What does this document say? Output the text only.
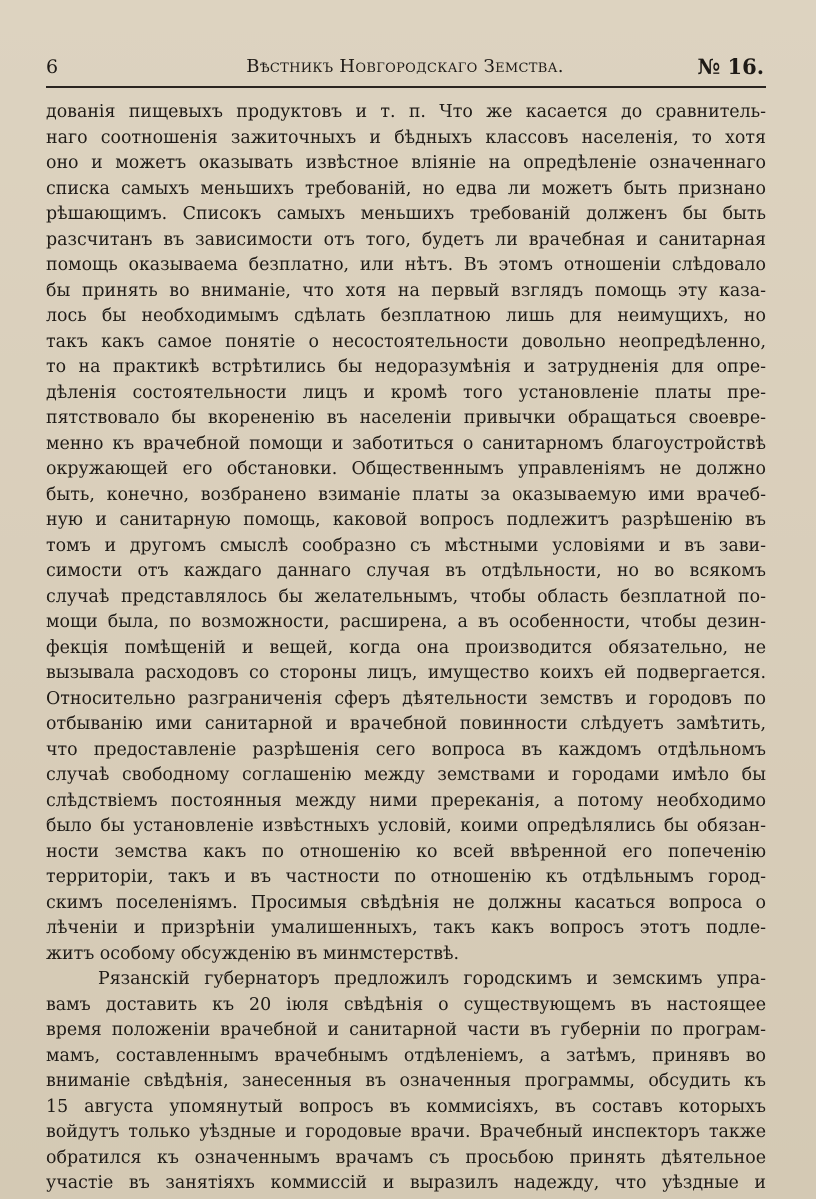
6	Вѣстникъ Новгородскаго Земства.	№ 16.
дованія пищевыхъ продуктовъ и т. п. Что же касается до сравнитель-
наго соотношенія зажиточныхъ и бѣдныхъ классовъ населенія, то хотя
оно и можетъ оказывать извѣстное вліяніе на опредѣленіе означеннаго
списка самыхъ меньшихъ требованій, но едва ли можетъ быть признано
рѣшающимъ. Списокъ самыхъ меньшихъ требованій долженъ бы быть
разсчитанъ въ зависимости отъ того, будетъ ли врачебная и санитарная
помощь оказываема безплатно, или нѣтъ. Въ этомъ отношеніи слѣдовало
бы принять во вниманіе, что хотя на первый взглядъ помощь эту каза-
лось бы необходимымъ сдѣлать безплатною лишь для неимущихъ, но
такъ какъ самое понятіе о несостоятельности довольно неопредѣленно,
то на практикѣ встрѣтились бы недоразумѣнія и затрудненія для опре-
дѣленія состоятельности лицъ и кромѣ того установленіе платы пре-
пятствовало бы вкорененію въ населеніи привычки обращаться своевре-
менно къ врачебной помощи и заботиться о санитарномъ благоустройствѣ
окружающей его обстановки. Общественнымъ управленіямъ не должно
быть, конечно, возбранено взиманіе платы за оказываемую ими врачеб-
ную и санитарную помощь, каковой вопросъ подлежитъ разрѣшенію въ
томъ и другомъ смыслѣ сообразно съ мѣстными условіями и въ зави-
симости отъ каждаго даннаго случая въ отдѣльности, но во всякомъ
случаѣ представлялось бы желательнымъ, чтобы область безплатной по-
мощи была, по возможности, расширена, а въ особенности, чтобы дезин-
фекція помѣщеній и вещей, когда она производится обязательно, не
вызывала расходовъ со стороны лицъ, имущество коихъ ей подвергается.
Относительно разграниченія сферъ дѣятельности земствъ и городовъ по
отбыванію ими санитарной и врачебной повинности слѣдуетъ замѣтить,
что предоставленіе разрѣшенія сего вопроса въ каждомъ отдѣльномъ
случаѣ свободному соглашенію между земствами и городами имѣло бы
слѣдствіемъ постоянныя между ними пререканія, а потому необходимо
было бы установленіе извѣстныхъ условій, коими опредѣлялись бы обязан-
ности земства какъ по отношенію ко всей ввѣренной его попеченію
территоріи, такъ и въ частности по отношенію къ отдѣльнымъ город-
скимъ поселеніямъ. Просимыя свѣдѣнія не должны касаться вопроса о
лѣченіи и призрѣніи умалишенныхъ, такъ какъ вопросъ этотъ подле-
житъ особому обсужденію въ минмстерствѣ.
Рязанскій губернаторъ предложилъ городскимъ и земскимъ упра-
вамъ доставить къ 20 іюля свѣдѣнія о существующемъ въ настоящее
время положеніи врачебной и санитарной части въ губерніи по програм-
мамъ, составленнымъ врачебнымъ отдѣленіемъ, а затѣмъ, принявъ во
вниманіе свѣдѣнія, занесенныя въ означенныя программы, обсудить къ
15 августа упомянутый вопросъ въ коммисіяхъ, въ составъ которыхъ
войдутъ только уѣздные и городовые врачи. Врачебный инспекторъ также
обратился къ означеннымъ врачамъ съ просьбою принять дѣятельное
участіе въ занятіяхъ коммиссій и выразилъ надежду, что уѣздные и
